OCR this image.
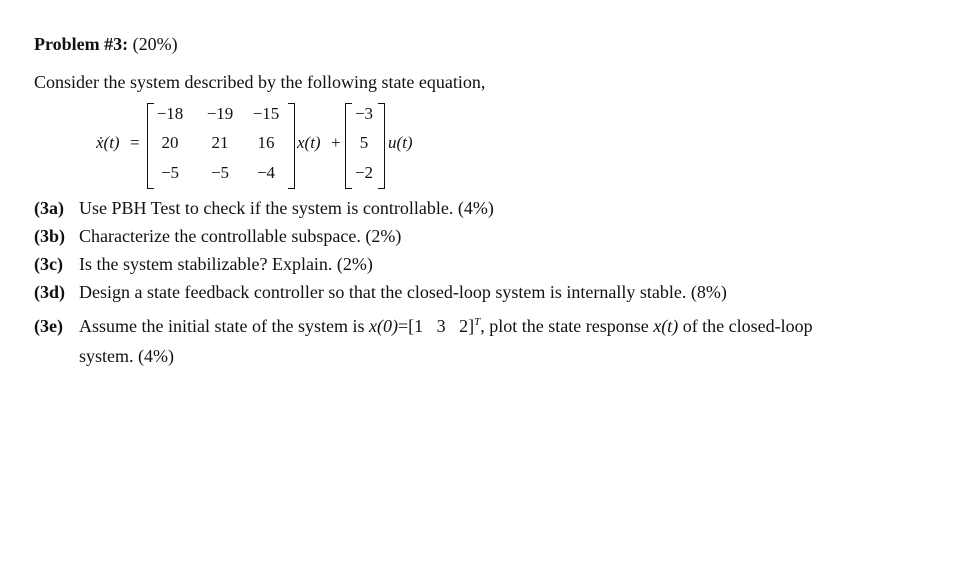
Problem #3: (20%)
Consider the system described by the following state equation,
ẋ(t) =
−18	−19	−15
20	21	16
−5	−5	−4
x(t) +
−3
5
−2
u(t)
(3a) Use PBH Test to check if the system is controllable. (4%)
(3b) Characterize the controllable subspace. (2%)
(3c) Is the system stabilizable? Explain. (2%)
(3d) Design a state feedback controller so that the closed-loop system is internally stable. (8%)
(3e) Assume the initial state of the system is x(0)=[1   3   2]$^T$, plot the state response x(t) of the closed-loop
system. (4%)
